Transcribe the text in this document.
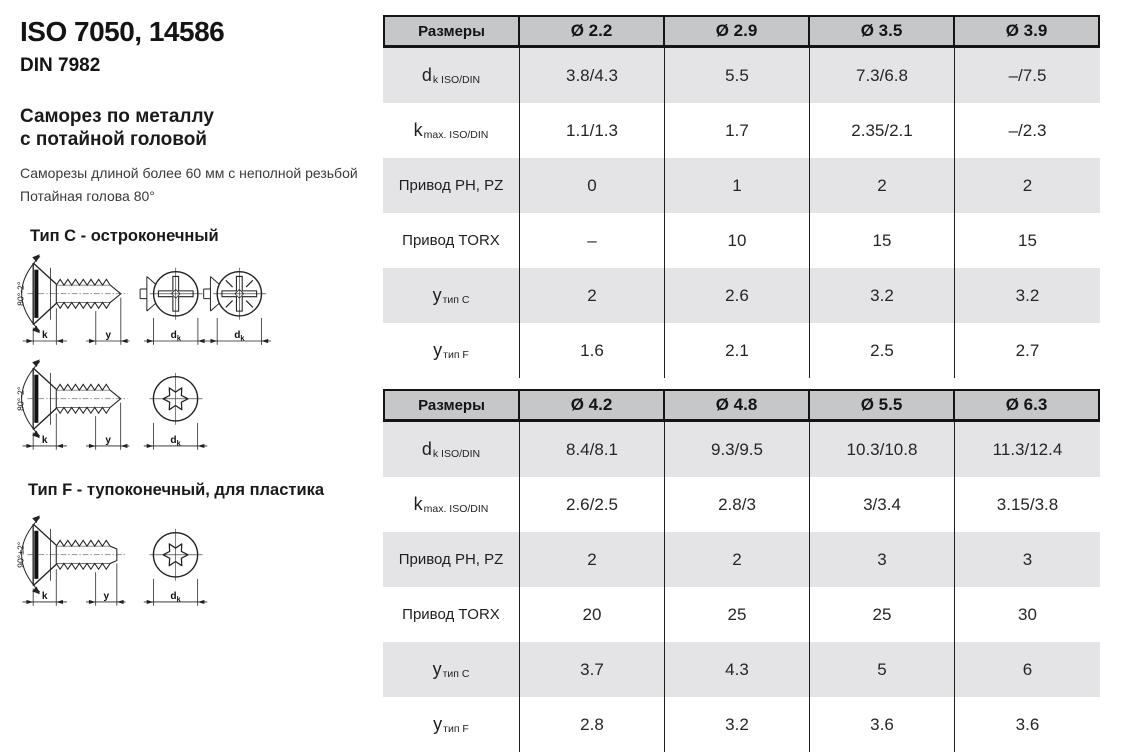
ISO 7050, 14586
DIN 7982
Саморез по металлу
с потайной головой
Саморезы длиной более 60 мм с неполной резьбой
Потайная голова 80°
Тип C - остроконечный
k	y
80°-2°
$d_k$	$d_k$
k	y
80°-2°
$d_k$
Тип F - тупоконечный, для пластика
k	y
90°±2°
$d_k$
Размеры	Ø 2.2	Ø 2.9	Ø 3.5	Ø 3.9
d k ISO/DIN	3.8/4.3	5.5	7.3/6.8	–/7.5
k max. ISO/DIN	1.1/1.3	1.7	2.35/2.1	–/2.3
Привод PH, PZ	0	1	2	2
Привод TORX	–	10	15	15
y тип C	2	2.6	3.2	3.2
y тип F	1.6	2.1	2.5	2.7
Размеры	Ø 4.2	Ø 4.8	Ø 5.5	Ø 6.3
d k ISO/DIN	8.4/8.1	9.3/9.5	10.3/10.8	11.3/12.4
k max. ISO/DIN	2.6/2.5	2.8/3	3/3.4	3.15/3.8
Привод PH, PZ	2	2	3	3
Привод TORX	20	25	25	30
y тип C	3.7	4.3	5	6
y тип F	2.8	3.2	3.6	3.6
